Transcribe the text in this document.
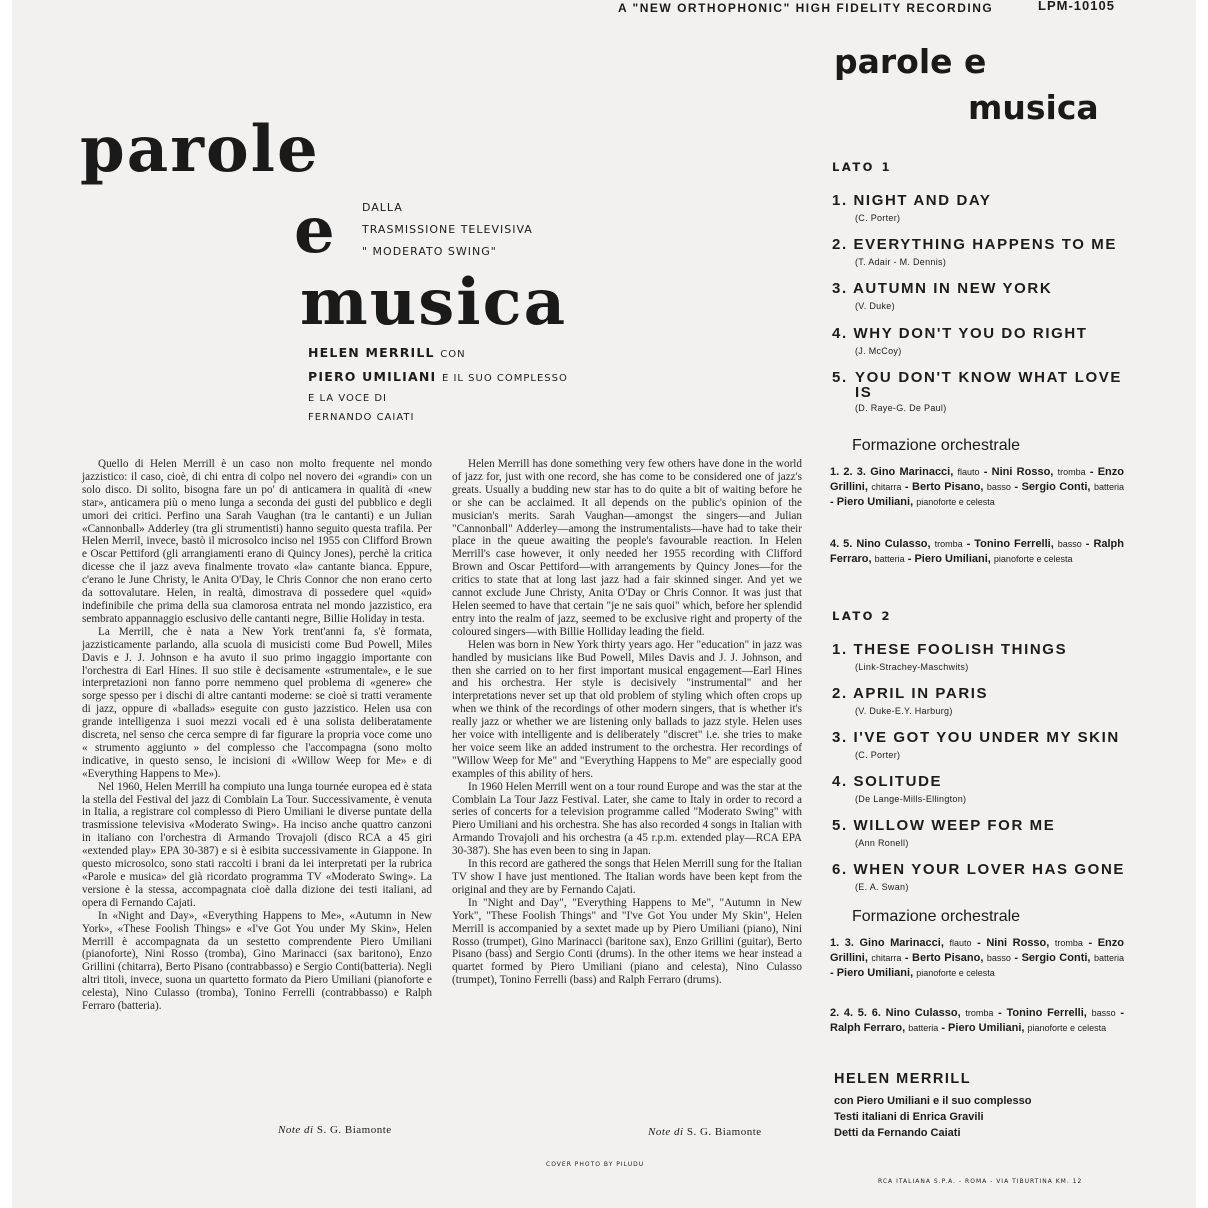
A "NEW ORTHOPHONIC" HIGH FIDELITY RECORDING	LPM-10105
parole
e
musica
DALLA
TRASMISSIONE TELEVISIVA
" MODERATO SWING"
HELEN MERRILL CON
PIERO UMILIANI E IL SUO COMPLESSO
E LA VOCE DI
FERNANDO CAIATI

Quello di Helen Merrill è un caso non molto frequente nel mondo jazzistico: il caso, cioè, di chi entra di colpo nel novero dei «grandi» con un solo disco. Di solito, bisogna fare un po' di anticamera in qualità di «new star», anticamera più o meno lunga a seconda dei gusti del pubblico e degli umori dei critici. Perfino una Sarah Vaughan (tra le cantanti) e un Julian «Cannonball» Adderley (tra gli strumentisti) hanno seguito questa trafila. Per Helen Merril, invece, bastò il microsolco inciso nel 1955 con Clifford Brown e Oscar Pettiford (gli arrangiamenti erano di Quincy Jones), perchè la critica dicesse che il jazz aveva finalmente trovato «la» cantante bianca. Eppure, c'erano le June Christy, le Anita O'Day, le Chris Connor che non erano certo da sottovalutare. Helen, in realtà, dimostrava di possedere quel «quid» indefinibile che prima della sua clamorosa entrata nel mondo jazzistico, era sembrato appannaggio esclusivo delle cantanti negre, Billie Holiday in testa.

La Merrill, che è nata a New York trent'anni fa, s'è formata, jazzisticamente parlando, alla scuola di musicisti come Bud Powell, Miles Davis e J. J. Johnson e ha avuto il suo primo ingaggio importante con l'orchestra di Earl Hines. Il suo stile è decisamente «strumentale», e le sue interpretazioni non fanno porre nemmeno quel problema di «genere» che sorge spesso per i dischi di altre cantanti moderne: se cioè si tratti veramente di jazz, oppure di «ballads» eseguite con gusto jazzistico. Helen usa con grande intelligenza i suoi mezzi vocali ed è una solista deliberatamente discreta, nel senso che cerca sempre di far figurare la propria voce come uno « strumento aggiunto » del complesso che l'accompagna (sono molto indicative, in questo senso, le incisioni di «Willow Weep for Me» e di «Everything Happens to Me»).

Nel 1960, Helen Merrill ha compiuto una lunga tournée europea ed è stata la stella del Festival del jazz di Comblain La Tour. Successivamente, è venuta in Italia, a registrare col complesso di Piero Umiliani le diverse puntate della trasmissione televisiva «Moderato Swing». Ha inciso anche quattro canzoni in italiano con l'orchestra di Armando Trovajoli (disco RCA a 45 giri «extended play» EPA 30-387) e si è esibita successivamente in Giappone. In questo microsolco, sono stati raccolti i brani da lei interpretati per la rubrica «Parole e musica» del già ricordato programma TV «Moderato Swing». La versione è la stessa, accompagnata cioè dalla dizione dei testi italiani, ad opera di Fernando Cajati.

In «Night and Day», «Everything Happens to Me», «Autumn in New York», «These Foolish Things» e «I've Got You under My Skin», Helen Merrill è accompagnata da un sestetto comprendente Piero Umiliani (pianoforte), Nini Rosso (tromba), Gino Marinacci (sax baritono), Enzo Grillini (chitarra), Berto Pisano (contrabbasso) e Sergio Conti(batteria). Negli altri titoli, invece, suona un quartetto formato da Piero Umiliani (pianoforte e celesta), Nino Culasso (tromba), Tonino Ferrelli (contrabbasso) e Ralph Ferraro (batteria).

Note di S. G. Biamonte

Helen Merrill has done something very few others have done in the world of jazz for, just with one record, she has come to be considered one of jazz's greats. Usually a budding new star has to do quite a bit of waiting before he or she can be acclaimed. It all depends on the public's opinion of the musician's merits. Sarah Vaughan—amongst the singers—and Julian "Cannonball" Adderley—among the instrumentalists—have had to take their place in the queue awaiting the people's favourable reaction. In Helen Merrill's case however, it only needed her 1955 recording with Clifford Brown and Oscar Pettiford—with arrangements by Quincy Jones—for the critics to state that at long last jazz had a fair skinned singer. And yet we cannot exclude June Christy, Anita O'Day or Chris Connor. It was just that Helen seemed to have that certain "je ne sais quoi" which, before her splendid entry into the realm of jazz, seemed to be exclusive right and property of the coloured singers—with Billie Holliday leading the field.

Helen was born in New York thirty years ago. Her "education" in jazz was handled by musicians like Bud Powell, Miles Davis and J. J. Johnson, and then she carried on to her first important musical engagement—Earl Hines and his orchestra. Her style is decisively "instrumental" and her interpretations never set up that old problem of styling which often crops up when we think of the recordings of other modern singers, that is whether it's really jazz or whether we are listening only ballads to jazz style. Helen uses her voice with intelligente and is deliberately "discret" i.e. she tries to make her voice seem like an added instrument to the orchestra. Her recordings of "Willow Weep for Me" and "Everything Happens to Me" are especially good examples of this ability of hers.

In 1960 Helen Merrill went on a tour round Europe and was the star at the Comblain La Tour Jazz Festival. Later, she came to Italy in order to record a series of concerts for a television programme called "Moderato Swing" with Piero Umiliani and his orchestra. She has also recorded 4 songs in Italian with Armando Trovajoli and his orchestra (a 45 r.p.m. extended play—RCA EPA 30-387). She has even been to sing in Japan.

In this record are gathered the songs that Helen Merrill sung for the Italian TV show I have just mentioned. The Italian words have been kept from the original and they are by Fernando Cajati.

In "Night and Day", "Everything Happens to Me", "Autumn in New York", "These Foolish Things" and "I've Got You under My Skin", Helen Merrill is accompanied by a sextet made up by Piero Umiliani (piano), Nini Rosso (trumpet), Gino Marinacci (baritone sax), Enzo Grillini (guitar), Berto Pisano (bass) and Sergio Conti (drums). In the other items we hear instead a quartet formed by Piero Umiliani (piano and celesta), Nino Culasso (trumpet), Tonino Ferrelli (bass) and Ralph Ferraro (drums).

Note di S. G. Biamonte
parole e
musica
LATO 1
1. NIGHT AND DAY
(C. Porter)
2. EVERYTHING HAPPENS TO ME
(T. Adair - M. Dennis)
3. AUTUMN IN NEW YORK
(V. Duke)
4. WHY DON'T YOU DO RIGHT
(J. McCoy)
5. YOU DON'T KNOW WHAT LOVE IS
(D. Raye-G. De Paul)
Formazione orchestrale
1. 2. 3. Gino Marinacci, flauto - Nini Rosso, tromba - Enzo Grillini, chitarra - Berto Pisano, basso - Sergio Conti, batteria - Piero Umiliani, pianoforte e celesta
4. 5. Nino Culasso, tromba - Tonino Ferrelli, basso - Ralph Ferraro, batteria - Piero Umiliani, pianoforte e celesta
LATO 2
1. THESE FOOLISH THINGS
(Link-Strachey-Maschwits)
2. APRIL IN PARIS
(V. Duke-E.Y. Harburg)
3. I'VE GOT YOU UNDER MY SKIN
(C. Porter)
4. SOLITUDE
(De Lange-Mills-Ellington)
5. WILLOW WEEP FOR ME
(Ann Ronell)
6. WHEN YOUR LOVER HAS GONE
(E. A. Swan)
Formazione orchestrale
1. 3. Gino Marinacci, flauto - Nini Rosso, tromba - Enzo Grillini, chitarra - Berto Pisano, basso - Sergio Conti, batteria - Piero Umiliani, pianoforte e celesta
2. 4. 5. 6. Nino Culasso, tromba - Tonino Ferrelli, basso - Ralph Ferraro, batteria - Piero Umiliani, pianoforte e celesta
HELEN MERRILL
con Piero Umiliani e il suo complesso
Testi italiani di Enrica Gravili
Detti da Fernando Caiati
COVER PHOTO BY PILUDU
RCA ITALIANA S.P.A. - ROMA - VIA TIBURTINA KM. 12
